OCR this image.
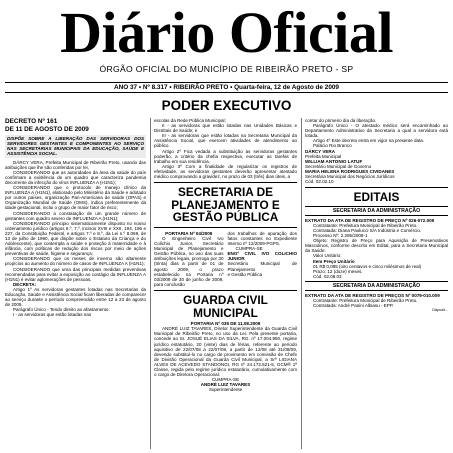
Diário Oficial
ÓRGÃO OFICIAL DO MUNICÍPIO DE RIBEIRÃO PRETO - SP
ANO 37 • Nº 8.317 • RIBEIRÃO PRETO • Quarta-feira, 12 de Agosto de 2009
PODER EXECUTIVO

DECRETO Nº 161

DE 11 DE AGOSTO DE 2009

DISPÕE SOBRE A LIBERAÇÃO DAS SERVIDORAS DOS SERVIDORES GESTANTES E COMPONENTES AO SERVIÇO NAS SECRETARIAS MUNICIPAIS DA EDUCAÇÃO, SAÚDE E ASSISTÊNCIA SOCIAL.

DÁRCY VERA, Prefeita Municipal de Ribeirão Preto, usando das atribuições que lhe são conferidas por lei,

CONSIDERANDO que as autoridades da área da saúde do país confirmam a existência de um quadro que caracteriza pandemia decorrente da infecção do vírus INFLUENZA A (H1N1);

CONSIDERANDO que o protocolo de manejo clínico da INFLUENZA A (H1N1), elaborado pelo Ministério da Saúde e adotado por outros países, organização Pan-Americana de saúde (OPAS) e Organização Mundial de Saúde (OMS), indica preferentemente da idade gestacional, inclui o grupo de maior fator de risco;

CONSIDERANDO a constatação de um grande número de gestantes com quadro severo de INFLUENZA A (H1N1);

CONSIDERANDO principio sistematicamente disposto no nosso ordenamento jurídico (artigos 6.º, 7.º, incisos XVIII e XXII, 194, 196 e 227, da Constituição Federal, e artigos 7.º e 8.º, da Lei n.º 8.069, de 13 de julho de 1990, que dispõe sobre o Estatuto da Criança e do Adolescente), que contempla a saúde e proteção à maternidade e à infância, com políticas de redução dos riscos por meio de ações preventivas de saúde, higiene e segurança;

CONSIDERANDO que os meses de inverno são altamente propícios ao aumento do número de casos de INFLUENZA A (H1N1);

CONSIDERANDO que uma das principais medidas preventivas recomendadas para evitar a exposição ao contágio da INFLUENZA A (H1N1) é evitar aglomerações de pessoas,

DECRETA:

Artigo 1º As servidoras gestantes lotadas nas Secretarias da Educação, Saúde e Assistência Social ficam liberadas de comparecer ao serviço durante o período compreendido entre 12 a 23 de agosto de 2009.

Parágrafo Único - Tendo direito ao afastamento:

I - as servidoras que estão lotadas nas

escolas da Rede Pública Municipal;

II - as servidoras que estão lotadas nas Unidades Básicas e Distritais de Saúde; e

III - as servidoras que estão lotadas na Secretaria Municipal da Assistência Social, que exercem atividades de atendimento ao público.

Artigo 2º Fica vedada a substituição as servidoras gestantes poderão, a critério da chefia respectiva, executar as tarefas de trabalho em sua residência.

Artigo 3º Com a finalidade de regularizar os registros de efetividade, as servidoras gestantes deverão apresentar atestado médico comprovando a gravidez, no prazo de 03 (três) dias úteis, a

SECRETARIA DE PLANEJAMENTO E GESTÃO PÚBLICA

PORTARIA Nº 04/2009

O Engenheiro Civil Ivo Colichio Junior, Secretário Municipal de Planejamento e Gestão Pública, no uso das suas atribuições legais, prorroga por 30 (trinta) dias a partir de 01 de agosto 2009, o prazo estabelecido na Portaria nº 03/2009 de 30 de junho de 2009, para conclusão

dos trabalhos de apuração dos fatos constantes no Expediente Interno nº 12/2009-PGPS.

CUMPRA-SE

ENGº CIVIL IVO COLICHIO JUNIOR

Secretário Municipal de Planejamento

e Gestão Pública

GUARDA CIVIL MUNICIPAL

PORTARIA Nº 035 DE 11.08.2009

ANDRÉ LUIZ TAVARES, Diretor Superintendente da Guarda Civil Municipal de Ribeirão Preto, no uso da Lei. Pela presente portaria, concede ao Sr. JOSUÉ ELIAS DA SILVA, RG. nº 17.004.950, regime jurídico estatutário, 20 (vinte) dias de férias, referente ao período aquisitivo de 22/07/08 a 22/07/09, a partir de 12/08 até 31/08/09, devendo substituí-lo no cargo de provimento em comissão de Chefe de Divisão Operacional da Guarda Civil Municipal, a Srª LIGIANA ALVES DE ACEVEDO STANDONGI, RG nº 24.172.521-5, GCM® 1ª Classe, regida pelo regime jurídico estatutário, cumulativamente com o cargo de Diretora Operacional.

CUMPRA-SE

ANDRÉ LUIZ TAVARES

Superintendente

contar do primeiro dia da liberação.

Parágrafo Único - O atestado médico será encaminhado ao Departamento Administrativo da Secretaria a qual a servidora está lotada.

Artigo 4º Este decreto entra em vigor na presente data.

Palácio Rio Branco

DÁRCY VERA

Prefeita Municipal

WILLIAM ANTONIO LATUF

Secretário Municipal de Governo

MARIA HELENA RODRIGUES CIVIDANES

Secretária Municipal dos Negócios Jurídicos

Cód. 02.02.10

EDITAIS
SECRETARIA DA ADMINISTRAÇÃO

EXTRATO DA ATA DE REGISTRO DE PREÇO Nº 026-072.009

Contratante: Prefeitura Municipal de Ribeirão Preto.

Contratada: Diana Paolucci S/A Indústria e Comércio.

Processo Nº: 2.295/2008-1

Objeto: Registro de Preço para Aquisição de Preservativos Masculinos, conforme descrito em Edital, para a Secretaria Municipal da Saúde.

Valor Unitário:

Item Preço Unitário

01 R$ 0,085 (oito centavos e cinco milésimos de real)

Prazo: 12 (doze) meses.

Cód. 02.08.03

SECRETARIA DA ADMINISTRAÇÃO

EXTRATO DA ATA DE REGISTRO DE PREÇOS Nº 0079-010.009

Contratante: Prefeitura Municipal de Ribeirão Preto.

Contratada: André Panini Albiasu - EPP.

Disposit...
